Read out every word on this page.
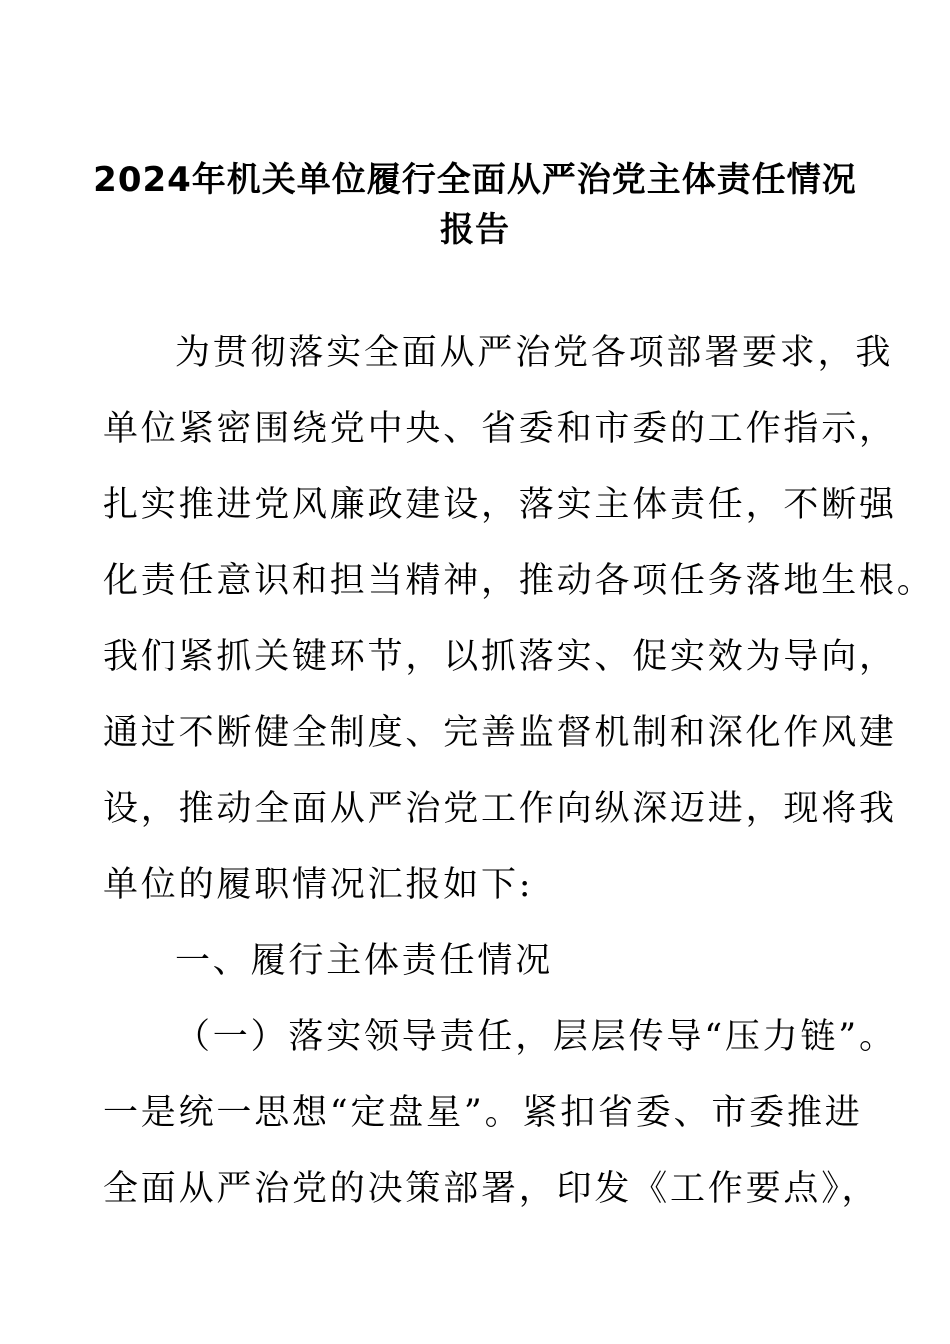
2024年机关单位履行全面从严治党主体责任情况
报告
为贯彻落实全面从严治党各项部署要求，我
单位紧密围绕党中央、省委和市委的工作指示，
扎实推进党风廉政建设，落实主体责任，不断强
化责任意识和担当精神，推动各项任务落地生根。
我们紧抓关键环节，以抓落实、促实效为导向，
通过不断健全制度、完善监督机制和深化作风建
设，推动全面从严治党工作向纵深迈进，现将我
单位的履职情况汇报如下:
一、履行主体责任情况
（一）落实领导责任，层层传导“压力链”。
一是统一思想“定盘星”。紧扣省委、市委推进
全面从严治党的决策部署，印发《工作要点》，
